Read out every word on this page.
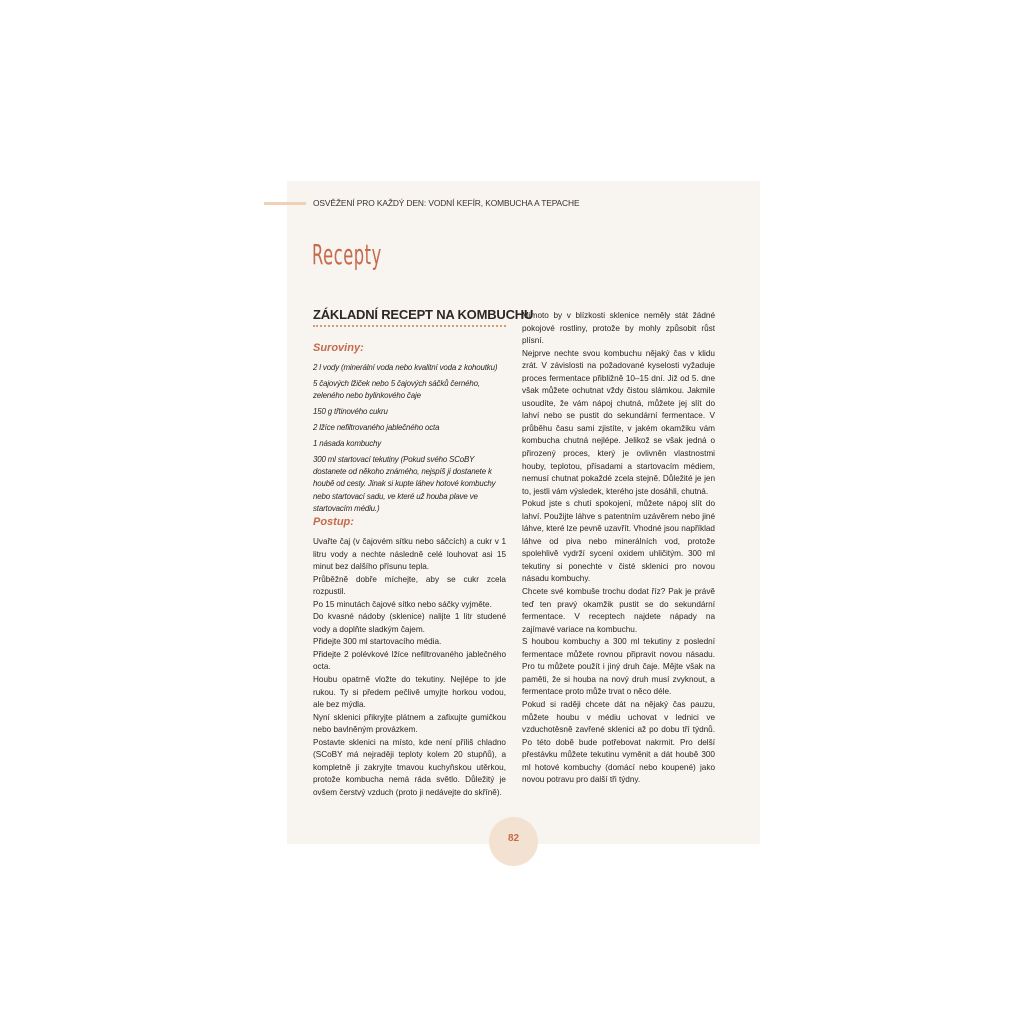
OSVĚŽENÍ PRO KAŽDÝ DEN: VODNÍ KEFÍR, KOMBUCHA A TEPACHE
Recepty
ZÁKLADNÍ RECEPT NA KOMBUCHU
Suroviny:

2 l vody (minerální voda nebo kvalitní voda z kohoutku)

5 čajových lžiček nebo 5 čajových sáčků černého, zeleného nebo bylinkového čaje

150 g třtinového cukru

2 lžíce nefiltrovaného jablečného octa

1 násada kombuchy

300 ml startovací tekutiny (Pokud svého SCoBY dostanete od někoho známého, nejspíš ji dostanete k houbě od cesty. Jinak si kupte láhev hotové kombuchy nebo startovací sadu, ve které už houba plave ve startovacím médiu.)

Postup:

Uvařte čaj (v čajovém sítku nebo sáčcích) a cukr v 1 litru vody a nechte následně celé louhovat asi 15 minut bez dalšího přísunu tepla.

Průběžně dobře míchejte, aby se cukr zcela rozpustil.

Po 15 minutách čajové sítko nebo sáčky vyjměte.

Do kvasné nádoby (sklenice) nalijte 1 litr studené vody a doplňte sladkým čajem.

Přidejte 300 ml startovacího média.

Přidejte 2 polévkové lžíce nefiltrovaného jablečného octa.

Houbu opatrně vložte do tekutiny. Nejlépe to jde rukou. Ty si předem pečlivě umyjte horkou vodou, ale bez mýdla.

Nyní sklenici přikryjte plátnem a zafixujte gumičkou nebo bavlněným provázkem.

Postavte sklenici na místo, kde není příliš chladno (SCoBY má nejraději teploty kolem 20 stupňů), a kompletně ji zakryjte tmavou kuchyňskou utěrkou, protože kombucha nemá ráda světlo. Důležitý je ovšem čerstvý vzduch (proto ji nedávejte do skříně).

Mimoto by v blízkosti sklenice neměly stát žádné pokojové rostliny, protože by mohly způsobit růst plísní.

Nejprve nechte svou kombuchu nějaký čas v klidu zrát. V závislosti na požadované kyselosti vyžaduje proces fermentace přibližně 10–15 dní. Již od 5. dne však můžete ochutnat vždy čistou slámkou. Jakmile usoudíte, že vám nápoj chutná, můžete jej slít do lahví nebo se pustit do sekundární fermentace. V průběhu času sami zjistíte, v jakém okamžiku vám kombucha chutná nejlépe. Jelikož se však jedná o přirozený proces, který je ovlivněn vlastnostmi houby, teplotou, přísadami a startovacím médiem, nemusí chutnat pokaždé zcela stejně. Důležité je jen to, jestli vám výsledek, kterého jste dosáhli, chutná.

Pokud jste s chutí spokojení, můžete nápoj slít do lahví. Použijte láhve s patentním uzávěrem nebo jiné láhve, které lze pevně uzavřít. Vhodné jsou například láhve od piva nebo minerálních vod, protože spolehlivě vydrží sycení oxidem uhličitým. 300 ml tekutiny si ponechte v čisté sklenici pro novou násadu kombuchy.

Chcete své kombuše trochu dodat říz? Pak je právě teď ten pravý okamžik pustit se do sekundární fermentace. V receptech najdete nápady na zajímavé variace na kombuchu.

S houbou kombuchy a 300 ml tekutiny z poslední fermentace můžete rovnou připravit novou násadu. Pro tu můžete použít i jiný druh čaje. Mějte však na paměti, že si houba na nový druh musí zvyknout, a fermentace proto může trvat o něco déle.

Pokud si raději chcete dát na nějaký čas pauzu, můžete houbu v médiu uchovat v lednici ve vzduchotěsně zavřené sklenici až po dobu tří týdnů. Po této době bude potřebovat nakrmit. Pro delší přestávku můžete tekutinu vyměnit a dát houbě 300 ml hotové kombuchy (domácí nebo koupené) jako novou potravu pro další tři týdny.

82
